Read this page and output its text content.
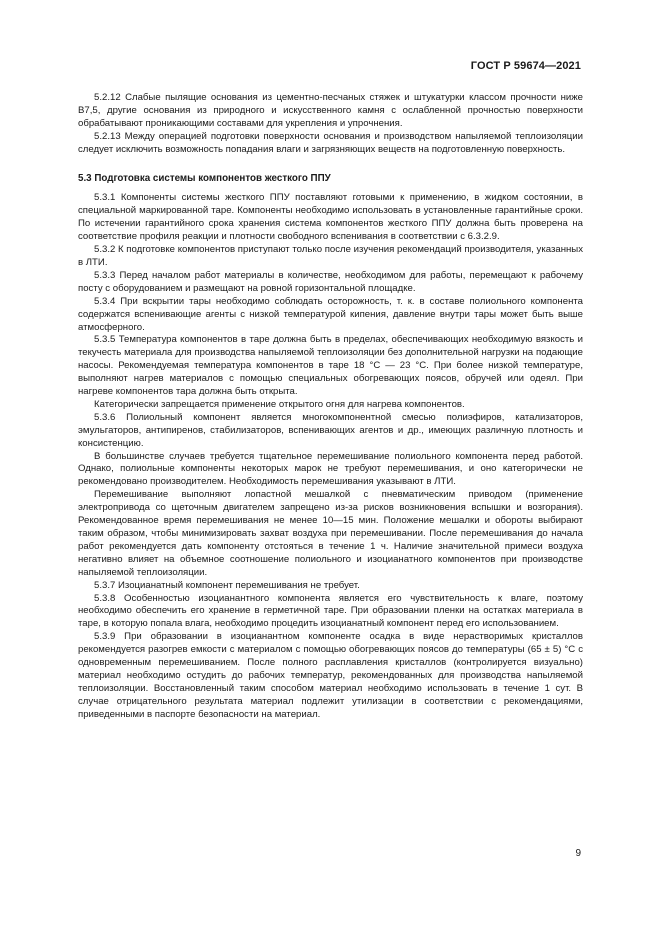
ГОСТ Р 59674—2021

5.2.12 Слабые пылящие основания из цементно-песчаных стяжек и штукатурки классом прочности ниже В7,5, другие основания из природного и искусственного камня с ослабленной прочностью поверхности обрабатывают проникающими составами для укрепления и упрочнения.

5.2.13 Между операцией подготовки поверхности основания и производством напыляемой теплоизоляции следует исключить возможность попадания влаги и загрязняющих веществ на подготовленную поверхность.

5.3 Подготовка системы компонентов жесткого ППУ

5.3.1 Компоненты системы жесткого ППУ поставляют готовыми к применению, в жидком состоянии, в специальной маркированной таре. Компоненты необходимо использовать в установленные гарантийные сроки. По истечении гарантийного срока хранения система компонентов жесткого ППУ должна быть проверена на соответствие профиля реакции и плотности свободного вспенивания в соответствии с 6.3.2.9.

5.3.2 К подготовке компонентов приступают только после изучения рекомендаций производителя, указанных в ЛТИ.

5.3.3 Перед началом работ материалы в количестве, необходимом для работы, перемещают к рабочему посту с оборудованием и размещают на ровной горизонтальной площадке.

5.3.4 При вскрытии тары необходимо соблюдать осторожность, т. к. в составе полиольного компонента содержатся вспенивающие агенты с низкой температурой кипения, давление внутри тары может быть выше атмосферного.

5.3.5 Температура компонентов в таре должна быть в пределах, обеспечивающих необходимую вязкость и текучесть материала для производства напыляемой теплоизоляции без дополнительной нагрузки на подающие насосы. Рекомендуемая температура компонентов в таре 18 °С — 23 °С. При более низкой температуре, выполняют нагрев материалов с помощью специальных обогревающих поясов, обручей или одеял. При нагреве компонентов тара должна быть открыта.

Категорически запрещается применение открытого огня для нагрева компонентов.

5.3.6 Полиольный компонент является многокомпонентной смесью полиэфиров, катализаторов, эмульгаторов, антипиренов, стабилизаторов, вспенивающих агентов и др., имеющих различную плотность и консистенцию.

В большинстве случаев требуется тщательное перемешивание полиольного компонента перед работой. Однако, полиольные компоненты некоторых марок не требуют перемешивания, и оно категорически не рекомендовано производителем. Необходимость перемешивания указывают в ЛТИ.

Перемешивание выполняют лопастной мешалкой с пневматическим приводом (применение электропривода со щеточным двигателем запрещено из-за рисков возникновения вспышки и возгорания). Рекомендованное время перемешивания не менее 10—15 мин. Положение мешалки и обороты выбирают таким образом, чтобы минимизировать захват воздуха при перемешивании. После перемешивания до начала работ рекомендуется дать компоненту отстояться в течение 1 ч. Наличие значительной примеси воздуха негативно влияет на объемное соотношение полиольного и изоцианатного компонентов при производстве напыляемой теплоизоляции.

5.3.7 Изоцианатный компонент перемешивания не требует.

5.3.8 Особенностью изоцианантного компонента является его чувствительность к влаге, поэтому необходимо обеспечить его хранение в герметичной таре. При образовании пленки на остатках материала в таре, в которую попала влага, необходимо процедить изоцианатный компонент перед его использованием.

5.3.9 При образовании в изоцианантном компоненте осадка в виде нерастворимых кристаллов рекомендуется разогрев емкости с материалом с помощью обогревающих поясов до температуры (65 ± 5) °С с одновременным перемешиванием. После полного расплавления кристаллов (контролируется визуально) материал необходимо остудить до рабочих температур, рекомендованных для производства напыляемой теплоизоляции. Восстановленный таким способом материал необходимо использовать в течение 1 сут. В случае отрицательного результата материал подлежит утилизации в соответствии с рекомендациями, приведенными в паспорте безопасности на материал.

9
